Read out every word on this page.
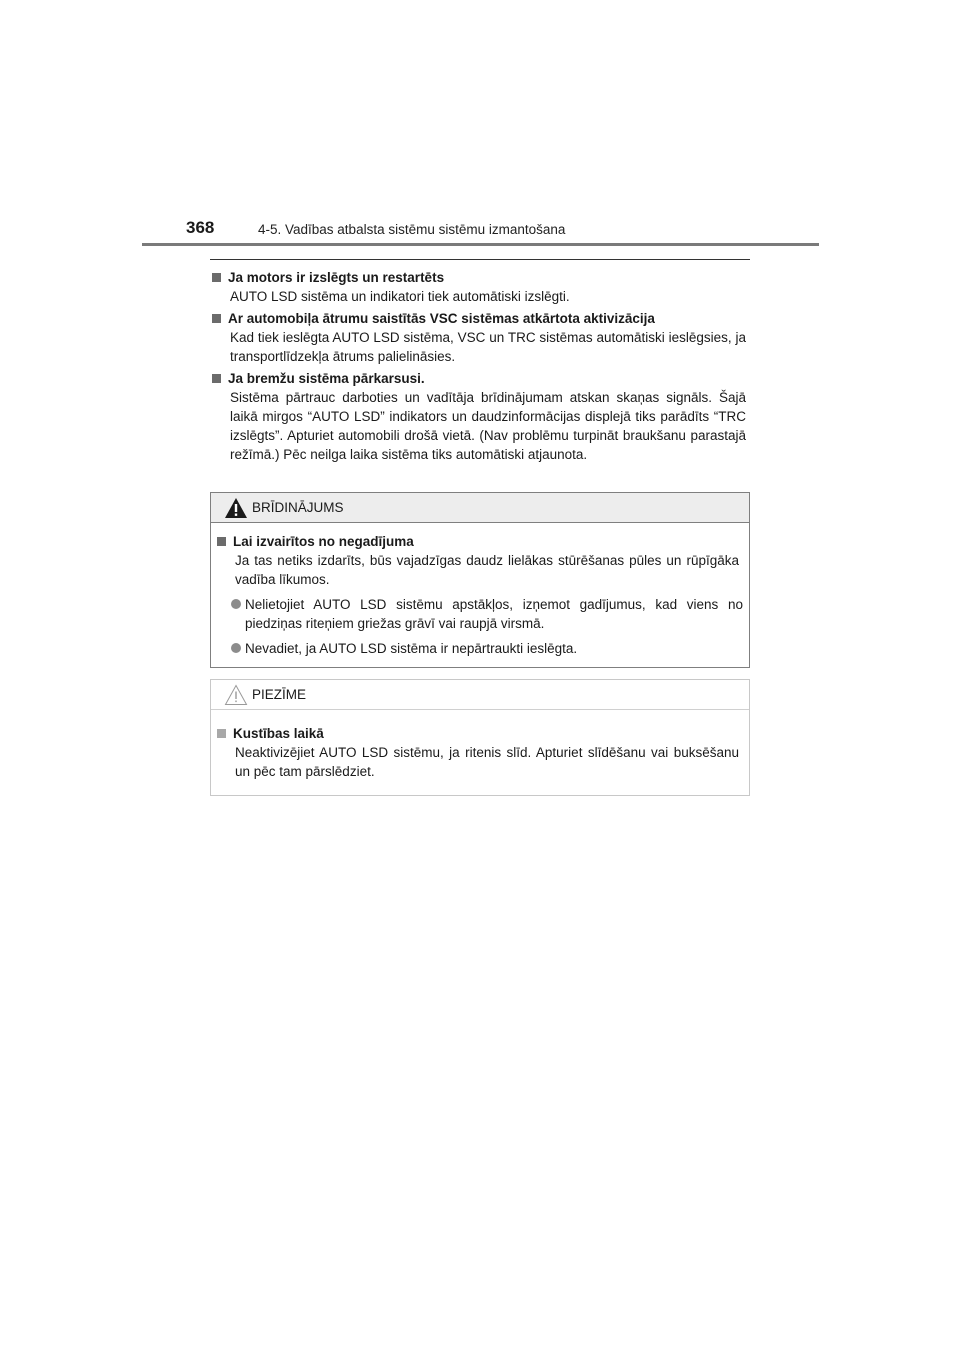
368	4-5. Vadības atbalsta sistēmu sistēmu izmantošana
Ja motors ir izslēgts un restartēts
AUTO LSD sistēma un indikatori tiek automātiski izslēgti.
Ar automobiļa ātrumu saistītās VSC sistēmas atkārtota aktivizācija
Kad tiek ieslēgta AUTO LSD sistēma, VSC un TRC sistēmas automātiski ieslēgsies, ja transportlīdzekļa ātrums palielināsies.
Ja bremžu sistēma pārkarsusi.
Sistēma pārtrauc darboties un vadītāja brīdinājumam atskan skaņas signāls. Šajā laikā mirgos “AUTO LSD” indikators un daudzinformācijas displejā tiks parādīts “TRC izslēgts”. Apturiet automobili drošā vietā. (Nav problēmu turpināt braukšanu parastajā režīmā.) Pēc neilga laika sistēma tiks automātiski atjaunota.
BRĪDINĀJUMS
Lai izvairītos no negadījuma
Ja tas netiks izdarīts, būs vajadzīgas daudz lielākas stūrēšanas pūles un rūpīgāka vadība līkumos.
Nelietojiet AUTO LSD sistēmu apstākļos, izņemot gadījumus, kad viens no piedziņas riteņiem griežas grāvī vai raupjā virsmā.
Nevadiet, ja AUTO LSD sistēma ir nepārtraukti ieslēgta.
PIEZĪME
Kustības laikā
Neaktivizējiet AUTO LSD sistēmu, ja ritenis slīd. Apturiet slīdēšanu vai buksēšanu un pēc tam pārslēdziet.
